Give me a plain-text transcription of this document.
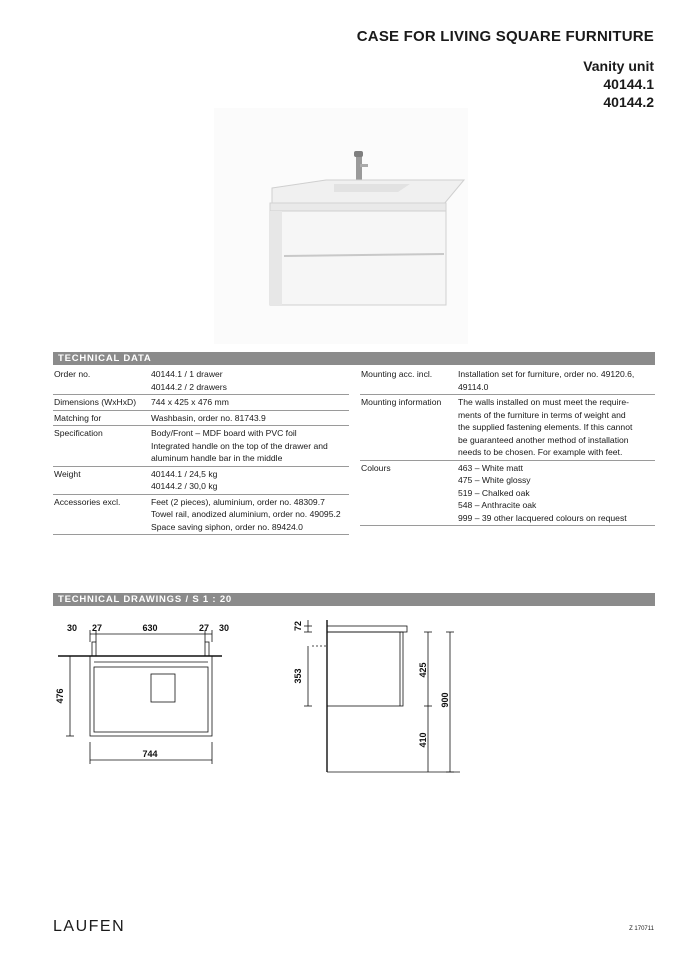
CASE FOR LIVING SQUARE FURNITURE
Vanity unit
40144.1
40144.2
TECHNICAL DATA
Order no.	40144.1 / 1 drawer
40144.2 / 2 drawers

Dimensions (WxHxD)	744 x 425 x 476 mm

Matching for	Washbasin, order no. 81743.9

Specification	Body/Front – MDF board with PVC foil
Integrated handle on the top of the drawer and
aluminum handle bar in the middle

Weight	40144.1 / 24,5 kg
40144.2 / 30,0 kg

Accessories excl.	Feet (2 pieces), aluminium, order no. 48309.7
Towel rail, anodized aluminium, order no. 49095.2
Space saving siphon, order no. 89424.0
Mounting acc. incl.	Installation set for furniture, order no. 49120.6,
49114.0

Mounting information	The walls installed on must meet the require-
ments of the furniture in terms of weight and
the supplied fastening elements. If this cannot
be guaranteed another method of installation
needs to be chosen. For example with feet.

Colours	463 – White matt
475 – White glossy
519 – Chalked oak
548 – Anthracite oak
999 – 39 other lacquered colours on request
TECHNICAL DRAWINGS / S 1 : 20
30 27	630	27 30
476
744
72
353	425
900
410
LAUFEN	Z 170711
